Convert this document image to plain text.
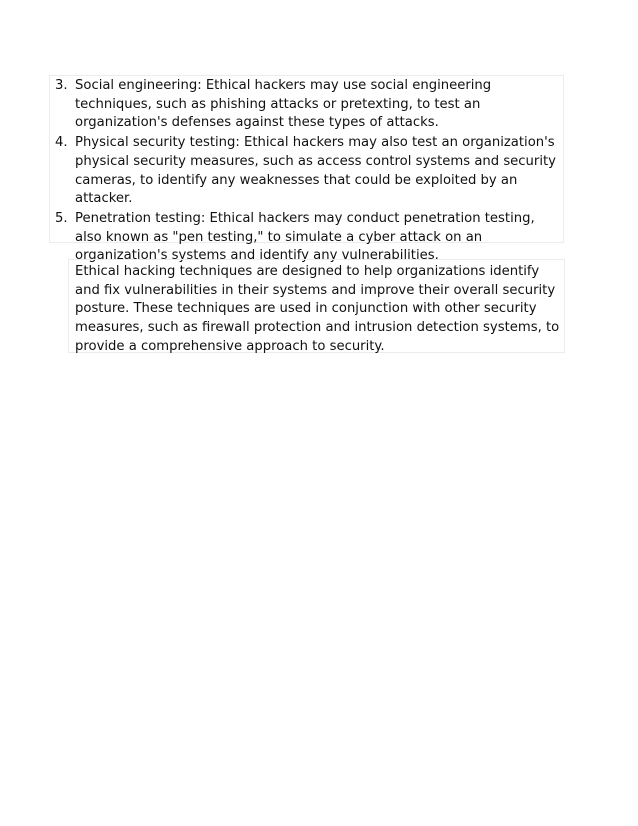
3. Social engineering: Ethical hackers may use social engineering techniques, such as phishing attacks or pretexting, to test an organization's defenses against these types of attacks.
4. Physical security testing: Ethical hackers may also test an organization's physical security measures, such as access control systems and security cameras, to identify any weaknesses that could be exploited by an attacker.
5. Penetration testing: Ethical hackers may conduct penetration testing, also known as "pen testing," to simulate a cyber attack on an organization's systems and identify any vulnerabilities.

Ethical hacking techniques are designed to help organizations identify and fix vulnerabilities in their systems and improve their overall security posture. These techniques are used in conjunction with other security measures, such as firewall protection and intrusion detection systems, to provide a comprehensive approach to security.
